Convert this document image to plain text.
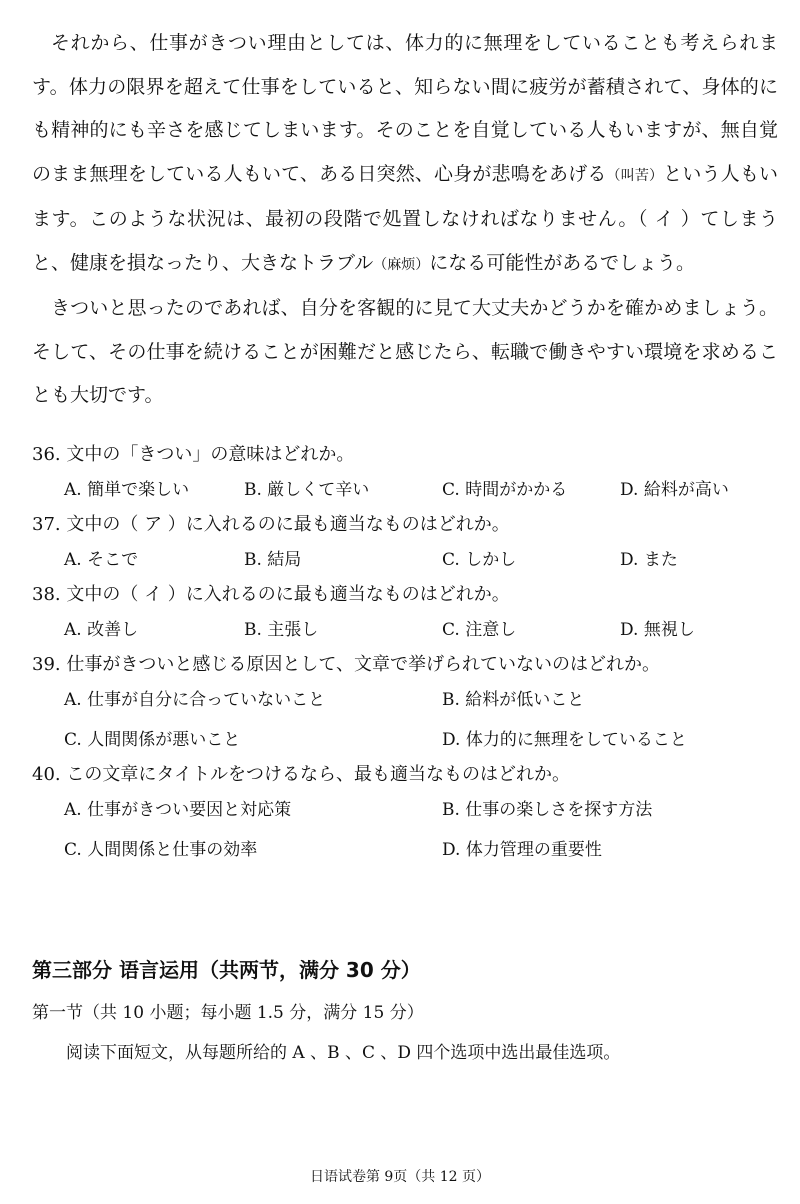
それから、仕事がきつい理由としては、体力的に無理をしていることも考えられます。体力の限界を超えて仕事をしていると、知らない間に疲労が蓄積されて、身体的にも精神的にも辛さを感じてしまいます。そのことを自覚している人もいますが、無自覚のまま無理をしている人もいて、ある日突然、心身が悲鳴をあげる（叫苦）という人もいます。このような状況は、最初の段階で処置しなければなりません。（ イ ）てしまうと、健康を損なったり、大きなトラブル（麻烦）になる可能性があるでしょう。

きついと思ったのであれば、自分を客観的に見て大丈夫かどうかを確かめましょう。そして、その仕事を続けることが困難だと感じたら、転職で働きやすい環境を求めることも大切です。

36. 文中の「きつい」の意味はどれか。
A. 簡単で楽しい	B. 厳しくて辛い	C. 時間がかかる	D. 給料が高い
37. 文中の（ ア ）に入れるのに最も適当なものはどれか。
A. そこで	B. 結局	C. しかし	D. また
38. 文中の（ イ ）に入れるのに最も適当なものはどれか。
A. 改善し	B. 主張し	C. 注意し	D. 無視し
39. 仕事がきついと感じる原因として、文章で挙げられていないのはどれか。
A. 仕事が自分に合っていないこと	B. 給料が低いこと
C. 人間関係が悪いこと	D. 体力的に無理をしていること
40. この文章にタイトルをつけるなら、最も適当なものはどれか。
A. 仕事がきつい要因と対応策	B. 仕事の楽しさを探す方法
C. 人間関係と仕事の効率	D. 体力管理の重要性
第三部分 语言运用（共两节，满分 30 分）
第一节（共 10 小题；每小题 1.5 分，满分 15 分）
阅读下面短文，从每题所给的 A 、B 、C 、D 四个选项中选出最佳选项。
日语试卷第 9页（共 12 页）
